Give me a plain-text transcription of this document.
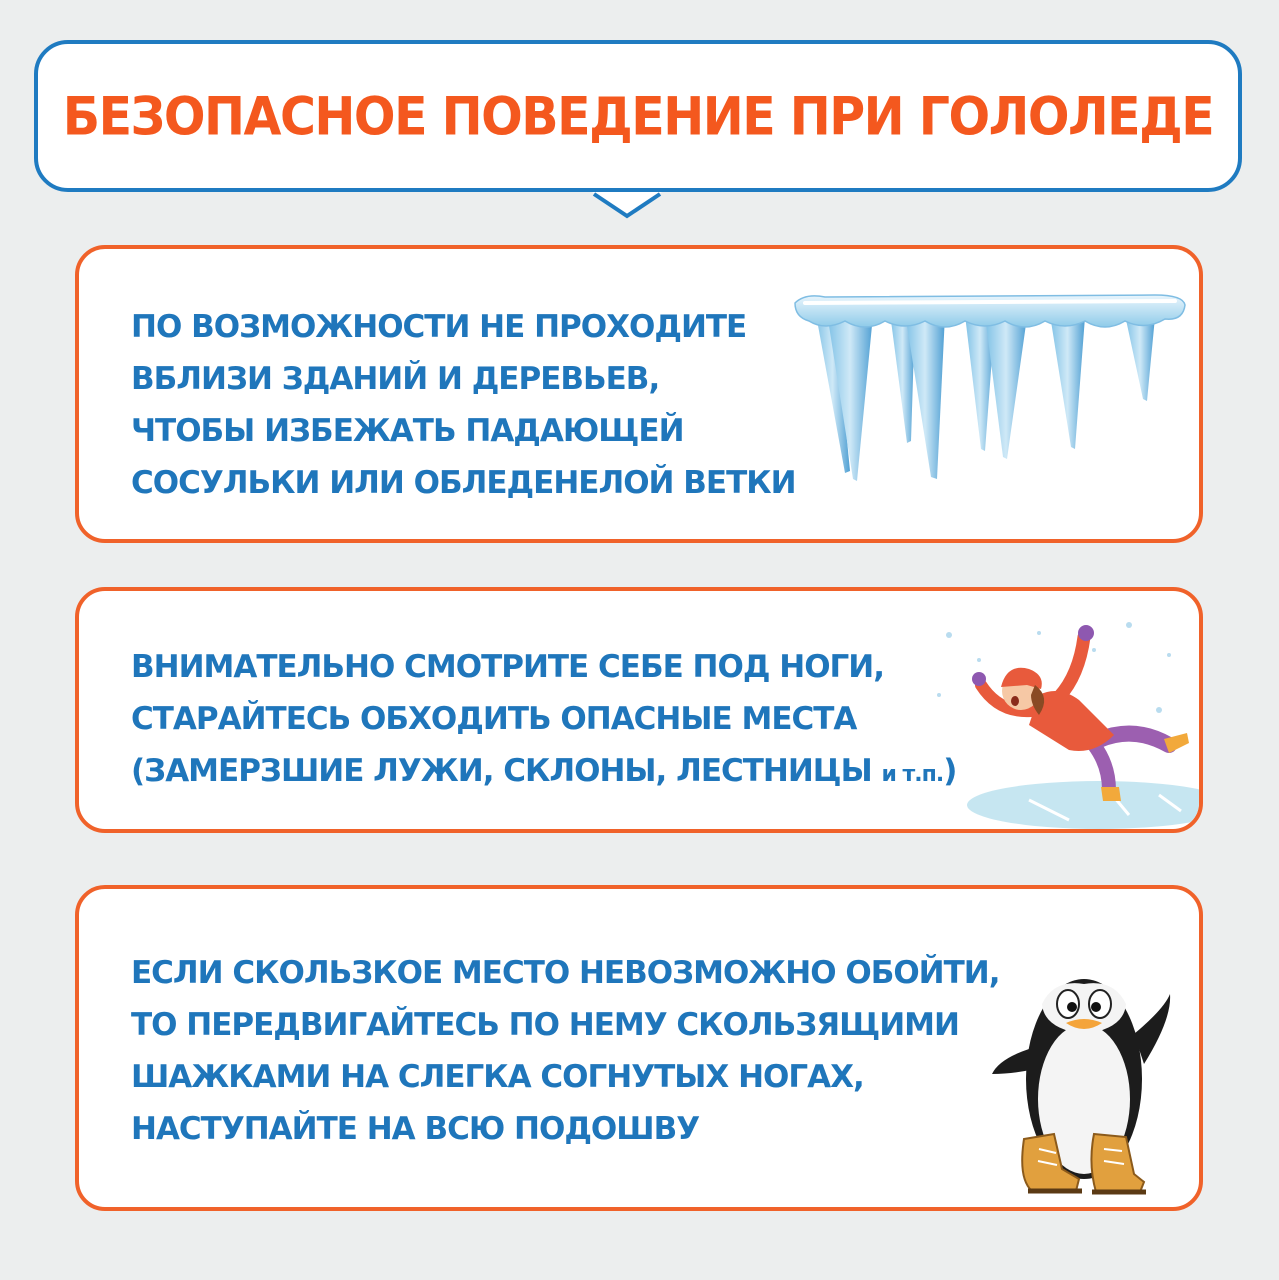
БЕЗОПАСНОЕ ПОВЕДЕНИЕ ПРИ ГОЛОЛЕДЕ
ПО ВОЗМОЖНОСТИ НЕ ПРОХОДИТЕ
ВБЛИЗИ ЗДАНИЙ И ДЕРЕВЬЕВ,
ЧТОБЫ ИЗБЕЖАТЬ ПАДАЮЩЕЙ
СОСУЛЬКИ ИЛИ ОБЛЕДЕНЕЛОЙ ВЕТКИ
ВНИМАТЕЛЬНО СМОТРИТЕ СЕБЕ ПОД НОГИ,
СТАРАЙТЕСЬ ОБХОДИТЬ ОПАСНЫЕ МЕСТА
(ЗАМЕРЗШИЕ ЛУЖИ, СКЛОНЫ, ЛЕСТНИЦЫ и т.п.)
ЕСЛИ СКОЛЬЗКОЕ МЕСТО НЕВОЗМОЖНО ОБОЙТИ,
ТО ПЕРЕДВИГАЙТЕСЬ ПО НЕМУ СКОЛЬЗЯЩИМИ
ШАЖКАМИ НА СЛЕГКА СОГНУТЫХ НОГАХ,
НАСТУПАЙТЕ НА ВСЮ ПОДОШВУ
